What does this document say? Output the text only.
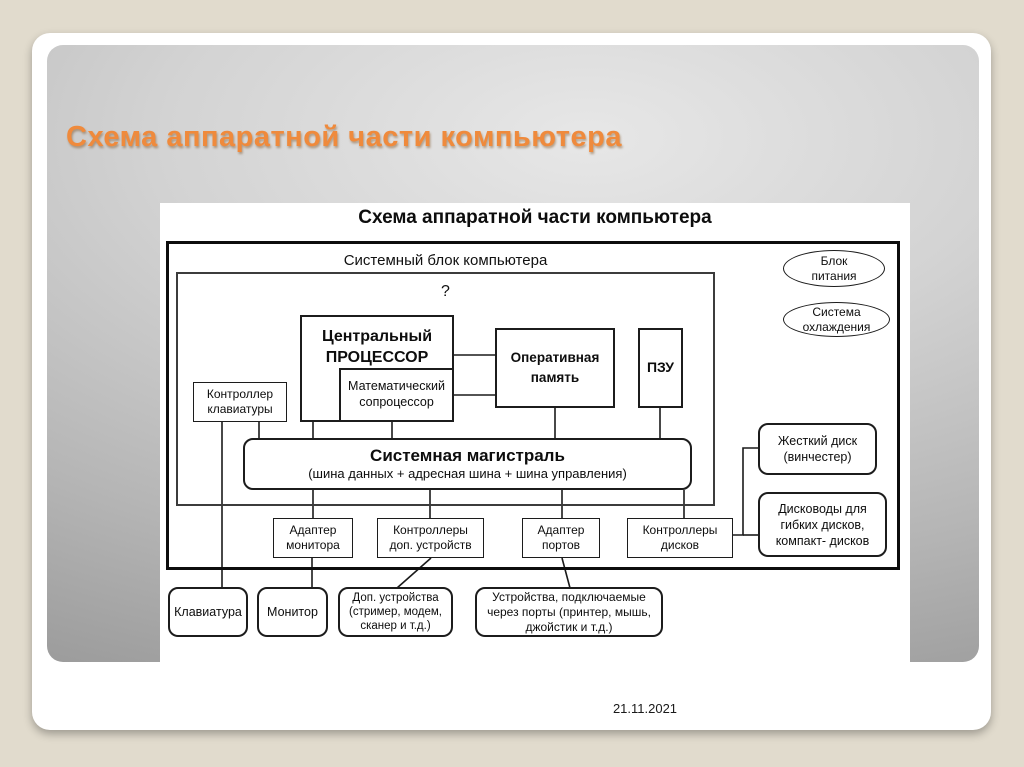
Схема аппаратной части компьютера
Схема аппаратной части компьютера
Системный блок компьютера
?
Центральный
ПРОЦЕССОР
Математический
сопроцессор
Оперативная
память
ПЗУ
Системная магистраль
(шина данных + адресная шина + шина управления)
Контроллер
клавиатуры
Адаптер
монитора
Контроллеры
доп. устройств
Адаптер
портов
Контроллеры
дисков
Клавиатура Монитор
Доп. устройства
(стример, модем,
сканер и т.д.)
Устройства, подключаемые
через порты (принтер, мышь,
джойстик и т.д.)
Жесткий диск
(винчестер)
Дисководы для
гибких дисков,
компакт- дисков
Блок
питания
Система
охлаждения
21.11.2021
